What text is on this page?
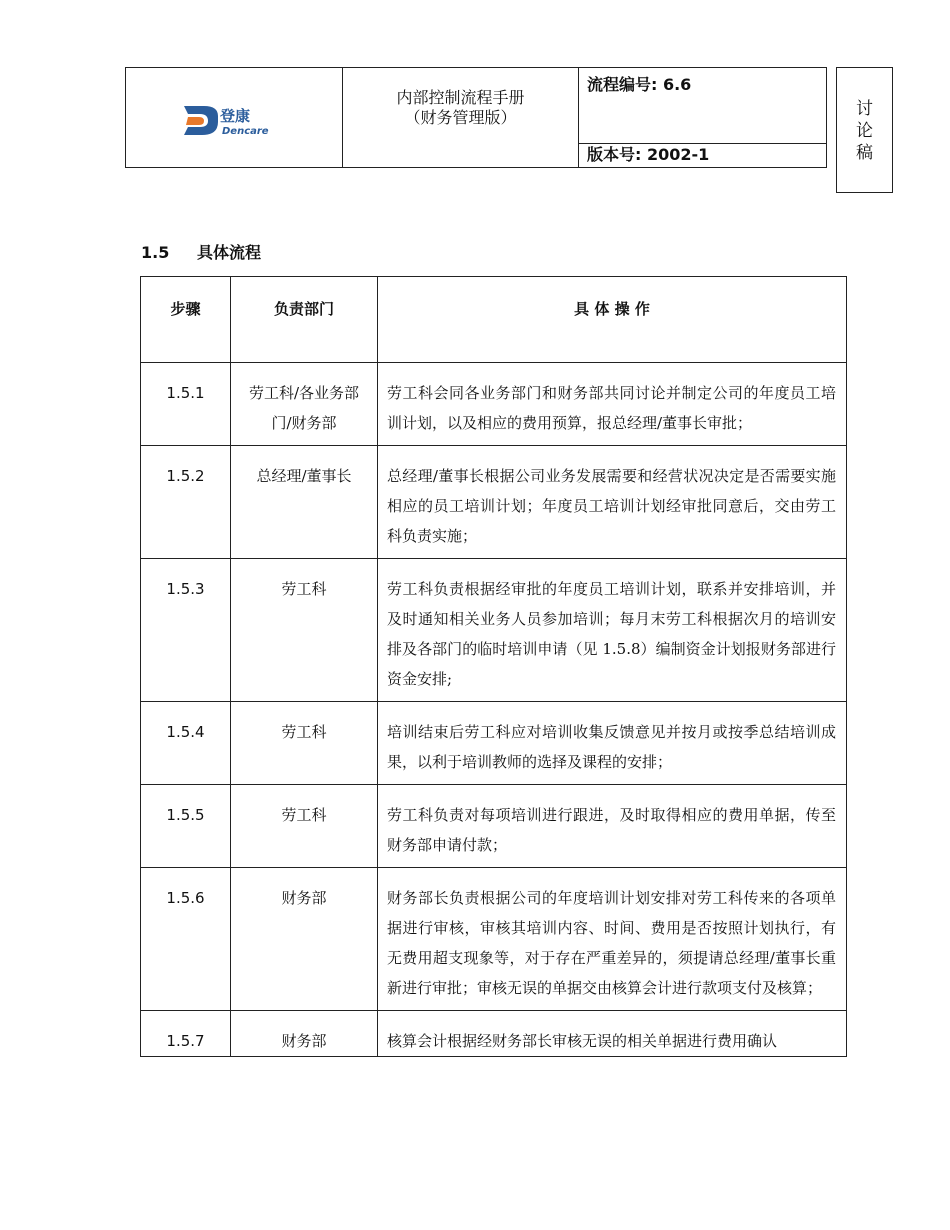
登康
Dencare

内部控制流程手册
（财务管理版）
	流程编号: 6.6
版本号: 2002-1
讨
论
稿
1.5 具体流程
步骤	负责部门	具 体 操 作
1.5.1	劳工科/各业务部门/财务部	劳工科会同各业务部门和财务部共同讨论并制定公司的年度员工培训计划，以及相应的费用预算，报总经理/董事长审批；
1.5.2	总经理/董事长	总经理/董事长根据公司业务发展需要和经营状况决定是否需要实施相应的员工培训计划；年度员工培训计划经审批同意后，交由劳工科负责实施；
1.5.3	劳工科	劳工科负责根据经审批的年度员工培训计划，联系并安排培训，并及时通知相关业务人员参加培训；每月末劳工科根据次月的培训安排及各部门的临时培训申请（见 1.5.8）编制资金计划报财务部进行资金安排;
1.5.4	劳工科	培训结束后劳工科应对培训收集反馈意见并按月或按季总结培训成果，以利于培训教师的选择及课程的安排；
1.5.5	劳工科	劳工科负责对每项培训进行跟进，及时取得相应的费用单据，传至财务部申请付款；
1.5.6	财务部	财务部长负责根据公司的年度培训计划安排对劳工科传来的各项单据进行审核，审核其培训内容、时间、费用是否按照计划执行，有无费用超支现象等，对于存在严重差异的，须提请总经理/董事长重新进行审批；审核无误的单据交由核算会计进行款项支付及核算；
1.5.7	财务部	核算会计根据经财务部长审核无误的相关单据进行费用确认
